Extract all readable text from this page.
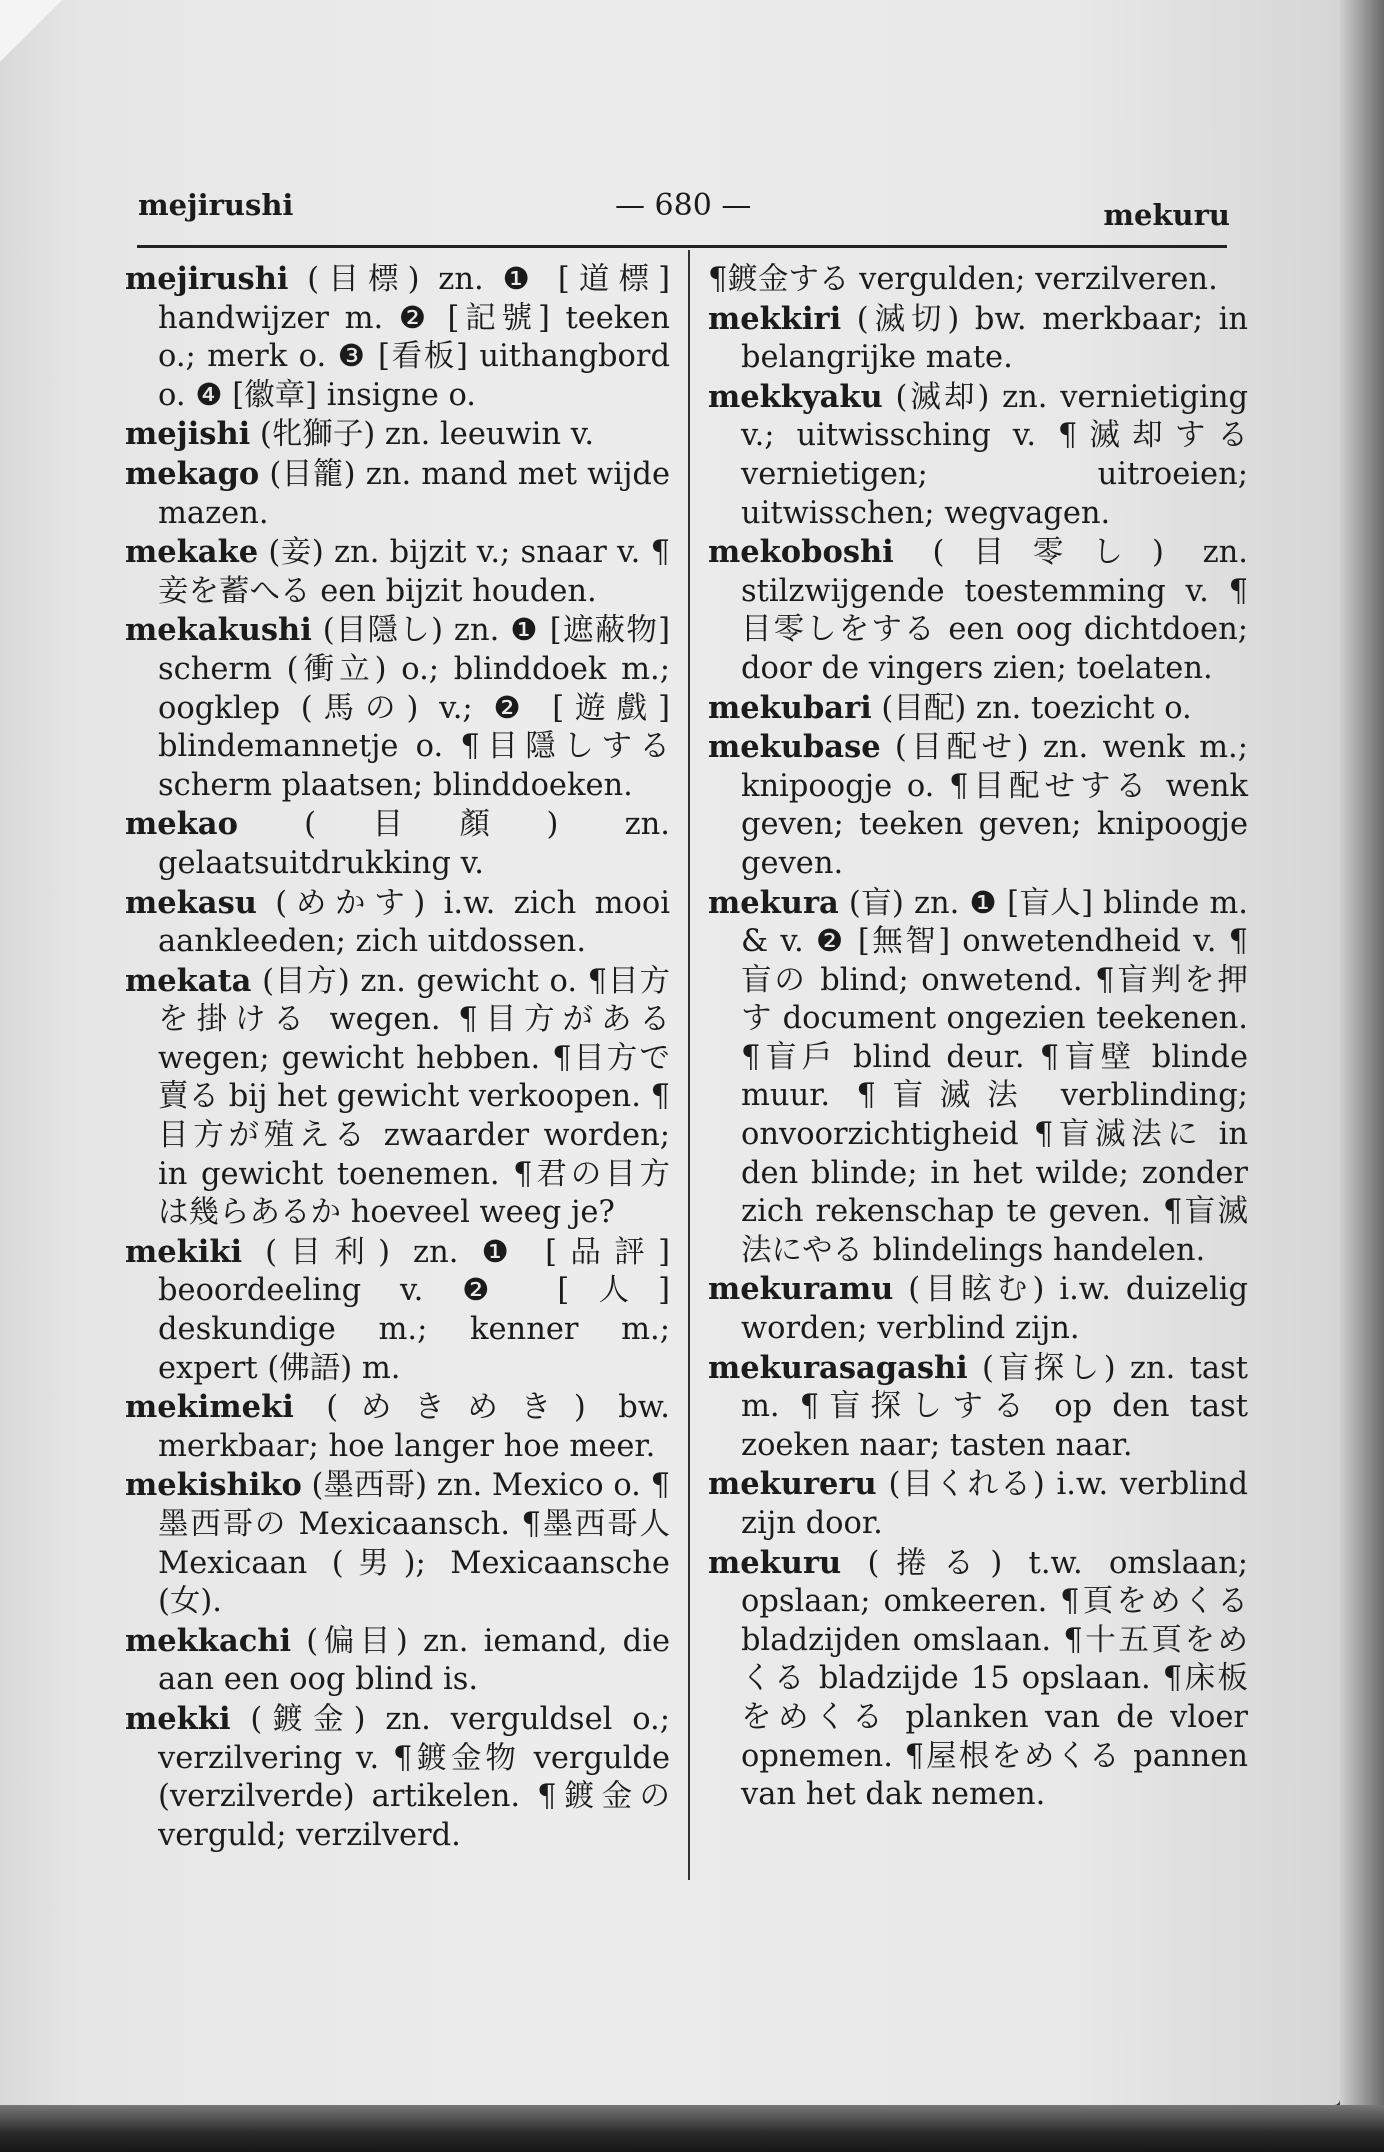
mejirushi	— 680 —	mekuru

mejirushi (目標) zn. ❶ [道標] handwijzer m. ❷ [記號] teeken o.; merk o. ❸ [看板] uithangbord o. ❹ [徽章] insigne o.

mejishi (牝獅子) zn. leeuwin v.

mekago (目籠) zn. mand met wijde mazen.

mekake (妾) zn. bijzit v.; snaar v. ¶妾を蓄へる een bijzit houden.

mekakushi (目隱し) zn. ❶ [遮蔽物] scherm (衝立) o.; blinddoek m.; oogklep (馬の) v.; ❷ [遊戲] blindemannetje o. ¶目隱しする scherm plaatsen; blinddoeken.

mekao (目顏) zn. gelaatsuitdrukking v.

mekasu (めかす) i.w. zich mooi aankleeden; zich uitdossen.

mekata (目方) zn. gewicht o. ¶目方を掛ける wegen. ¶目方がある wegen; gewicht hebben. ¶目方で賣る bij het gewicht verkoopen. ¶目方が殖える zwaarder worden; in gewicht toenemen. ¶君の目方は幾らあるか hoeveel weeg je?

mekiki (目利) zn. ❶ [品評] beoordeeling v. ❷ [人] deskundige m.; kenner m.; expert (佛語) m.

mekimeki (めきめき) bw. merkbaar; hoe langer hoe meer.

mekishiko (墨西哥) zn. Mexico o. ¶墨西哥の Mexicaansch. ¶墨西哥人 Mexicaan (男); Mexicaansche (女).

mekkachi (偏目) zn. iemand, die aan een oog blind is.

mekki (鍍金) zn. verguldsel o.; verzilvering v. ¶鍍金物 vergulde (verzilverde) artikelen. ¶鍍金の verguld; verzilverd.

¶鍍金する vergulden; verzilveren.

mekkiri (滅切) bw. merkbaar; in belangrijke mate.

mekkyaku (滅却) zn. vernietiging v.; uitwissching v. ¶滅却する vernietigen; uitroeien; uitwisschen; wegvagen.

mekoboshi (目零し) zn. stilzwijgende toestemming v. ¶目零しをする een oog dichtdoen; door de vingers zien; toelaten.

mekubari (目配) zn. toezicht o.

mekubase (目配せ) zn. wenk m.; knipoogje o. ¶目配せする wenk geven; teeken geven; knipoogje geven.

mekura (盲) zn. ❶ [盲人] blinde m. & v. ❷ [無智] onwetendheid v. ¶盲の blind; onwetend. ¶盲判を押す document ongezien teekenen. ¶盲戶 blind deur. ¶盲壁 blinde muur. ¶盲滅法 verblinding; onvoorzichtigheid ¶盲滅法に in den blinde; in het wilde; zonder zich rekenschap te geven. ¶盲滅法にやる blindelings handelen.

mekuramu (目眩む) i.w. duizelig worden; verblind zijn.

mekurasagashi (盲探し) zn. tast m. ¶盲探しする op den tast zoeken naar; tasten naar.

mekureru (目くれる) i.w. verblind zijn door.

mekuru (捲る) t.w. omslaan; opslaan; omkeeren. ¶頁をめくる bladzijden omslaan. ¶十五頁をめくる bladzijde 15 opslaan. ¶床板をめくる planken van de vloer opnemen. ¶屋根をめくる pannen van het dak nemen.
